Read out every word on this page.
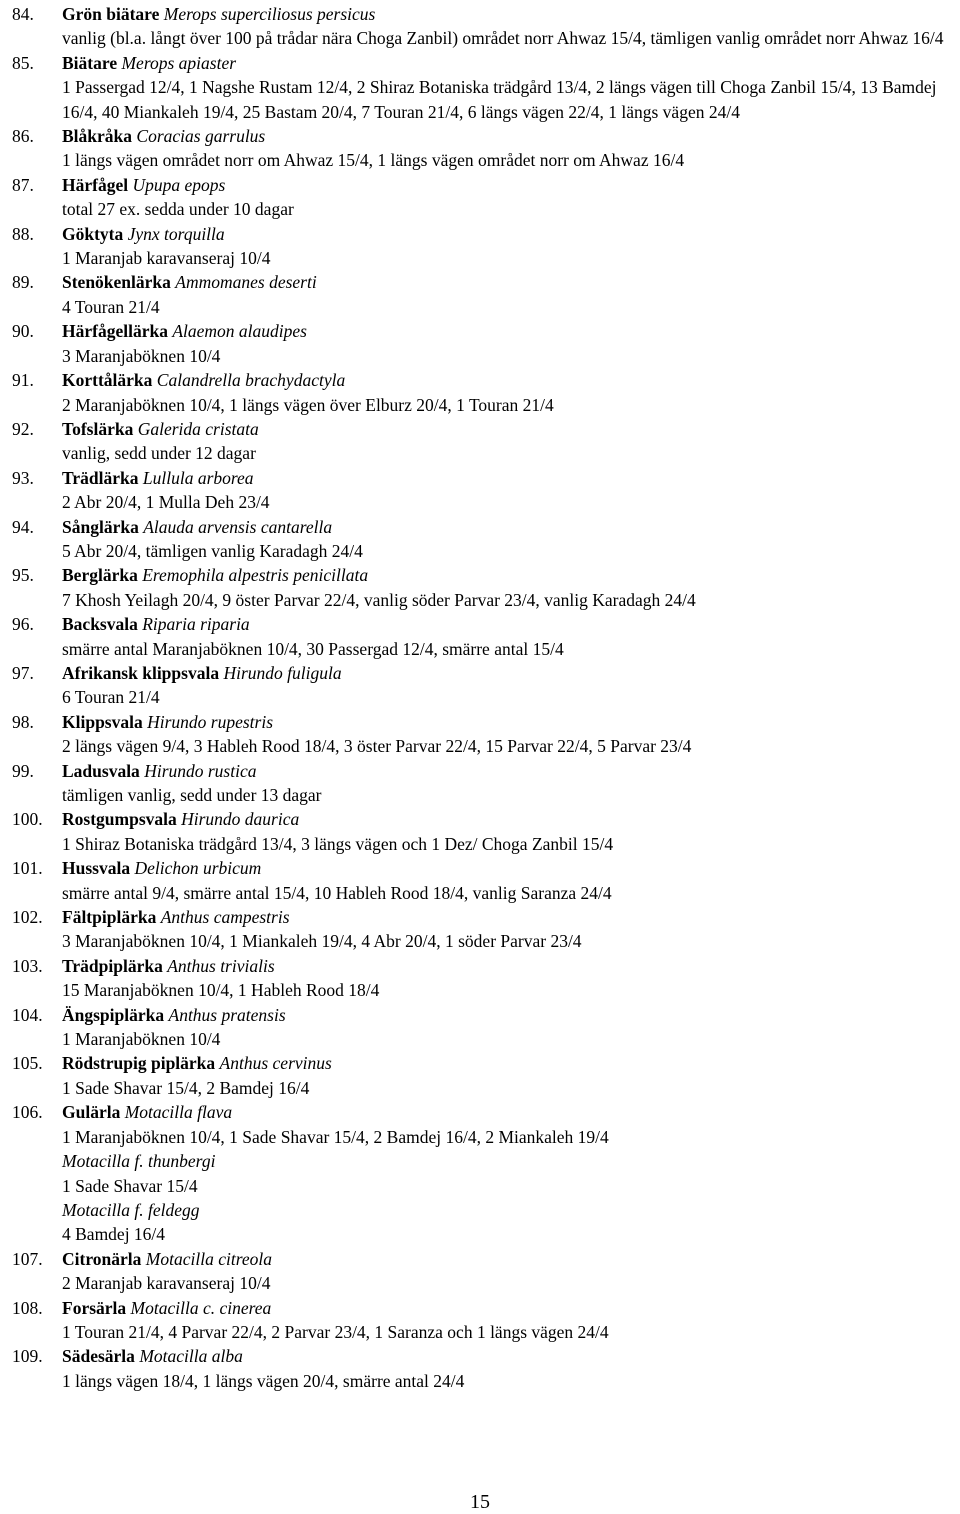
84. Grön biätare Merops superciliosus persicus
vanlig (bl.a. långt över 100 på trådar nära Choga Zanbil) området norr Ahwaz 15/4, tämligen vanlig området norr Ahwaz 16/4
85. Biätare Merops apiaster
1 Passergad 12/4, 1 Nagshe Rustam 12/4, 2 Shiraz Botaniska trädgård 13/4, 2 längs vägen till Choga Zanbil 15/4, 13 Bamdej 16/4, 40 Miankaleh 19/4, 25 Bastam 20/4, 7 Touran 21/4, 6 längs vägen 22/4, 1 längs vägen 24/4
86. Blåkråka Coracias garrulus
1 längs vägen området norr om Ahwaz 15/4, 1 längs vägen området norr om Ahwaz 16/4
87. Härfågel Upupa epops
total 27 ex. sedda under 10 dagar
88. Göktyta Jynx torquilla
1 Maranjab karavanseraj 10/4
89. Stenökenlärka Ammomanes deserti
4 Touran 21/4
90. Härfågellärka Alaemon alaudipes
3 Maranjaböknen 10/4
91. Korttålärka Calandrella brachydactyla
2 Maranjaböknen 10/4, 1 längs vägen över Elburz 20/4, 1 Touran 21/4
92. Tofslärka Galerida cristata
vanlig, sedd under 12 dagar
93. Trädlärka Lullula arborea
2 Abr 20/4, 1 Mulla Deh 23/4
94. Sånglärka Alauda arvensis cantarella
5 Abr 20/4, tämligen vanlig Karadagh 24/4
95. Berglärka Eremophila alpestris penicillata
7 Khosh Yeilagh 20/4, 9 öster Parvar 22/4, vanlig söder Parvar 23/4, vanlig Karadagh 24/4
96. Backsvala Riparia riparia
smärre antal Maranjaböknen 10/4, 30 Passergad 12/4, smärre antal 15/4
97. Afrikansk klippsvala Hirundo fuligula
6 Touran 21/4
98. Klippsvala Hirundo rupestris
2 längs vägen 9/4, 3 Hableh Rood 18/4, 3 öster Parvar 22/4, 15 Parvar 22/4, 5 Parvar 23/4
99. Ladusvala Hirundo rustica
tämligen vanlig, sedd under 13 dagar
100. Rostgumpsvala Hirundo daurica
1 Shiraz Botaniska trädgård 13/4, 3 längs vägen och 1 Dez/ Choga Zanbil 15/4
101. Hussvala Delichon urbicum
smärre antal 9/4, smärre antal 15/4, 10 Hableh Rood 18/4, vanlig Saranza 24/4
102. Fältpiplärka Anthus campestris
3 Maranjaböknen 10/4, 1 Miankaleh 19/4, 4 Abr 20/4, 1 söder Parvar 23/4
103. Trädpiplärka Anthus trivialis
15 Maranjaböknen 10/4, 1 Hableh Rood 18/4
104. Ängspiplärka Anthus pratensis
1 Maranjaböknen 10/4
105. Rödstrupig piplärka Anthus cervinus
1 Sade Shavar 15/4, 2 Bamdej 16/4
106. Gulärla Motacilla flava
1 Maranjaböknen 10/4, 1 Sade Shavar 15/4, 2 Bamdej 16/4, 2 Miankaleh 19/4
Motacilla f. thunbergi
1 Sade Shavar 15/4
Motacilla f. feldegg
4 Bamdej 16/4
107. Citronärla Motacilla citreola
2 Maranjab karavanseraj 10/4
108. Forsärla Motacilla c. cinerea
1 Touran 21/4, 4 Parvar 22/4, 2 Parvar 23/4, 1 Saranza och 1 längs vägen 24/4
109. Sädesärla Motacilla alba
1 längs vägen 18/4, 1 längs vägen 20/4, smärre antal 24/4
15
